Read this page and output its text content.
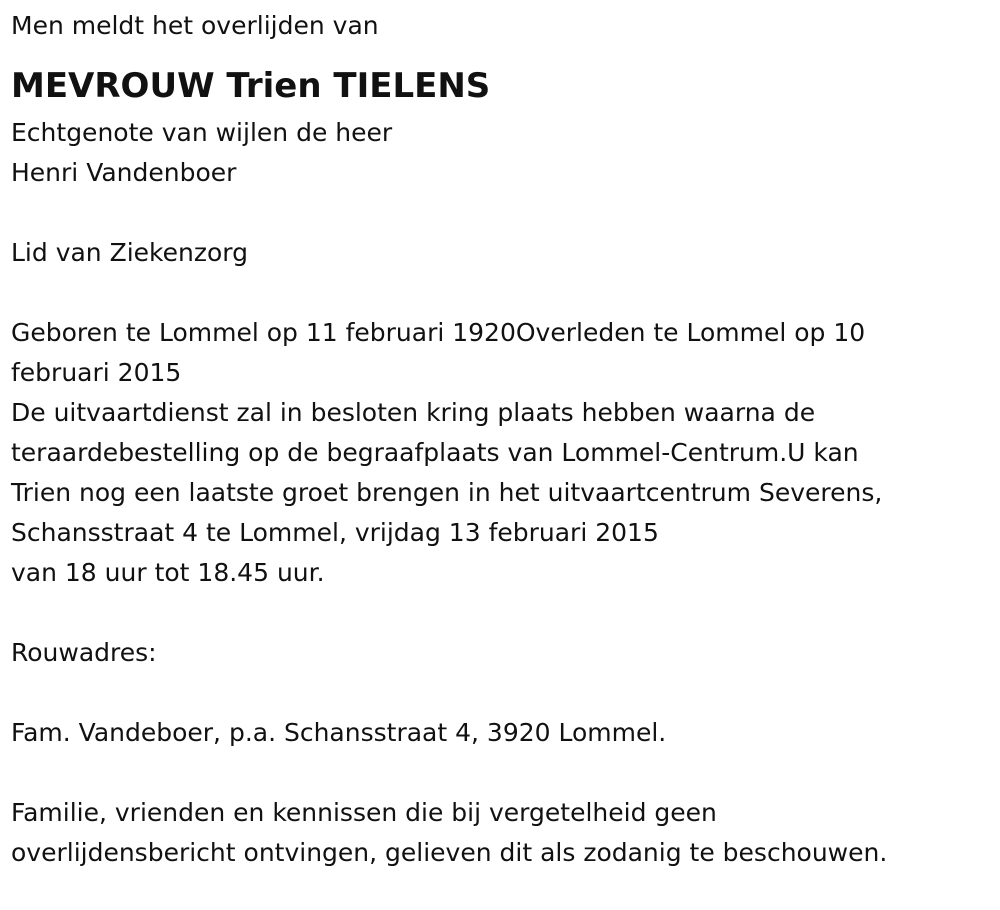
Men meldt het overlijden van

MEVROUW Trien TIELENS

Echtgenote van wijlen de heer

Henri Vandenboer

Lid van Ziekenzorg

Geboren te Lommel op 11 februari 1920Overleden te Lommel op 10

februari 2015

De uitvaartdienst zal in besloten kring plaats hebben waarna de

teraardebestelling op de begraafplaats van Lommel-Centrum.U kan

Trien nog een laatste groet brengen in het uitvaartcentrum Severens,

Schansstraat 4 te Lommel, vrijdag 13 februari 2015

van 18 uur tot 18.45 uur.

Rouwadres:

Fam. Vandeboer, p.a. Schansstraat 4, 3920 Lommel.

Familie, vrienden en kennissen die bij vergetelheid geen

overlijdensbericht ontvingen, gelieven dit als zodanig te beschouwen.
